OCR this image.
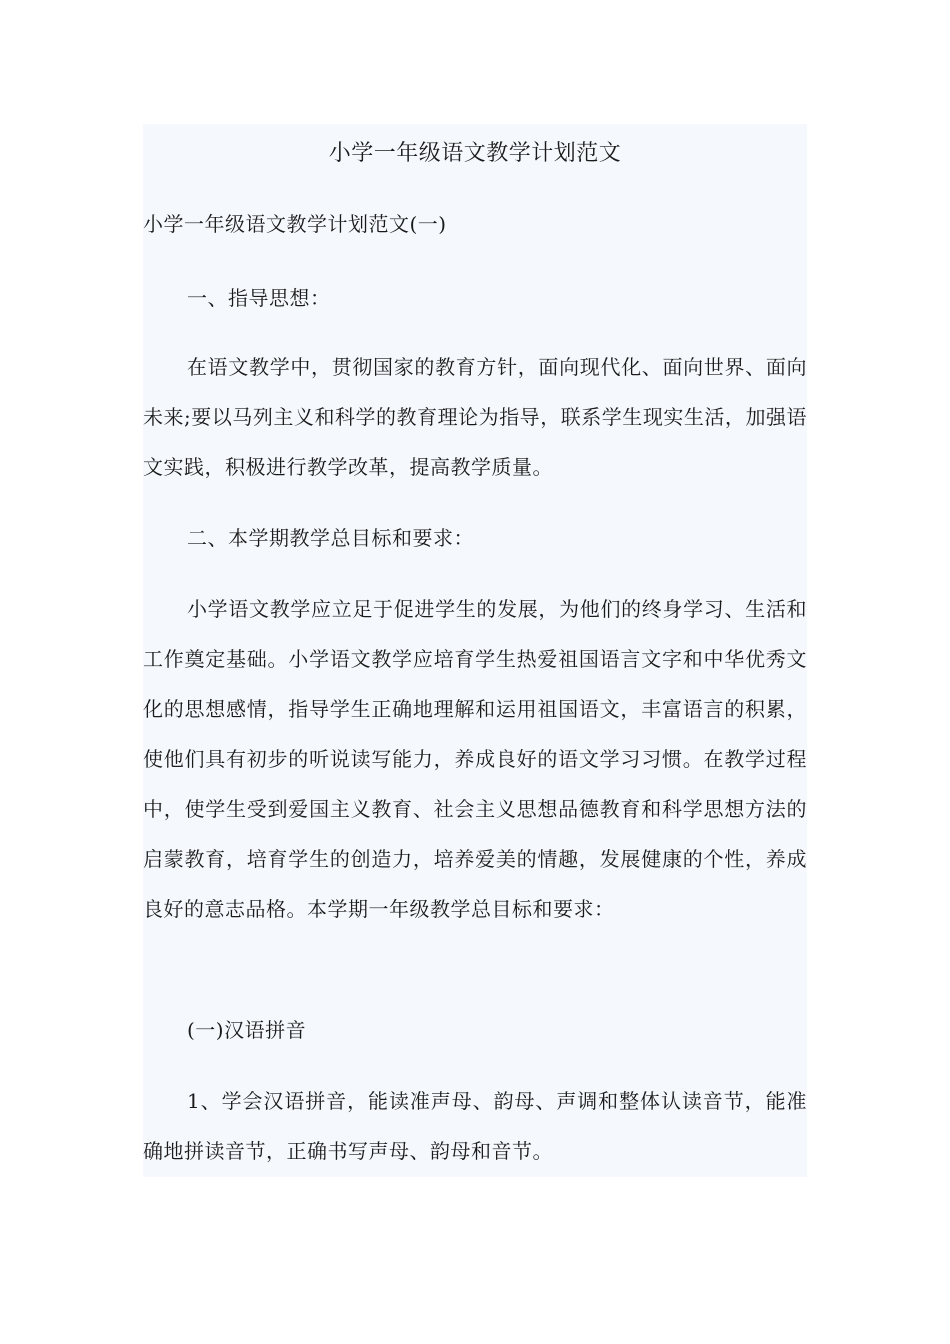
小学一年级语文教学计划范文
小学一年级语文教学计划范文(一)
一、指导思想：

在语文教学中，贯彻国家的教育方针，面向现代化、面向世界、面向未来;要以马列主义和科学的教育理论为指导，联系学生现实生活，加强语文实践，积极进行教学改革，提高教学质量。

二、本学期教学总目标和要求：

小学语文教学应立足于促进学生的发展，为他们的终身学习、生活和工作奠定基础。小学语文教学应培育学生热爱祖国语言文字和中华优秀文化的思想感情，指导学生正确地理解和运用祖国语文，丰富语言的积累，使他们具有初步的听说读写能力，养成良好的语文学习习惯。在教学过程中，使学生受到爱国主义教育、社会主义思想品德教育和科学思想方法的启蒙教育，培育学生的创造力，培养爱美的情趣，发展健康的个性，养成良好的意志品格。本学期一年级教学总目标和要求：

(一)汉语拼音

1、学会汉语拼音，能读准声母、韵母、声调和整体认读音节，能准确地拼读音节，正确书写声母、韵母和音节。
